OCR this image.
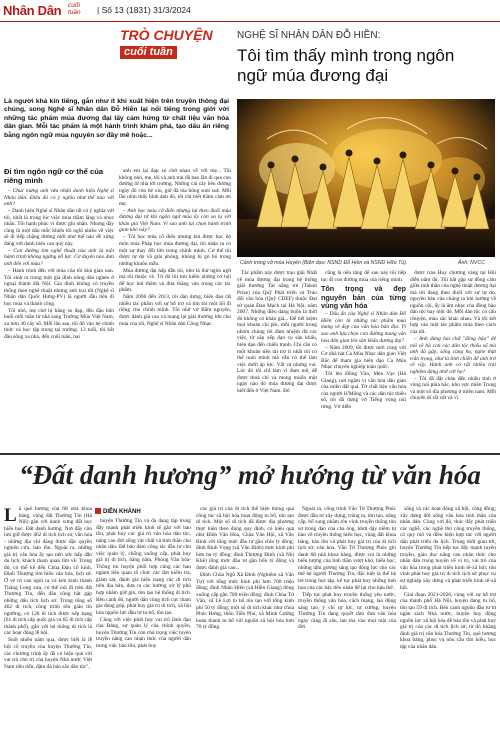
Nhân Dân cuối
tuần | Số 13 (1831) 31/3/2024
TRÒ CHUYỆN
cuối tuần
NGHỆ SĨ NHÂN DÂN ĐỖ HIỀN:
Tôi tìm thấy mình trong ngôn ngữ múa đương đại
Là người khá kín tiếng, gắn như ít khi xuất hiện trên truyền thông đại chúng, song Nghệ sĩ Nhân dân Đỗ Hiền lại nổi tiếng trong giới với những tác phẩm múa đương đại lấy cảm hứng từ chất liệu văn hóa dân gian. Mỗi tác phẩm là một hành trình khám phá, tạo dấu ấn riêng bằng ngôn ngữ múa nguyên sơ đầy mê hoặc...
Đi tìm ngôn ngữ cơ thể của riêng mình

– Chúc mừng anh vừa nhận danh hiệu Nghệ sĩ Nhân dân. Điều đó có ý nghĩa như thế nào với anh?

– Danh hiệu Nghệ sĩ Nhân dân rất có ý nghĩa với tôi, nhất là trong lúc việc múa thầm lặng và nhọc nhằn. Tôi hạnh phúc vì được ghi nhận. Nhưng đây cũng là một dấu mốc khiến tôi nghĩ nhiều về việc sẽ đi tiếp chặng đường mới như thế nào để xứng đáng với danh hiệu cao quý này.

– Con đường tìm nghệ thuật của anh là một hành trình không ngừng nỗ lực. Cơ duyên nào đưa anh đến với múa?

– Hành trình đến với múa của tôi khá gian nan. Tôi sinh ra trong một gia đình nông dân nghèo ở ngoại thành Hà Nội. Gia đình không có truyền thống theo nghệ thuật nhưng anh trai tôi (Nghệ sĩ Nhân dân Quốc Hưng-PV) là người đầu tiên đi học múa và thành công.

Tôi nhỏ, mẹ chờ bị bắng xe đạp, đều đặn bốn buổi mỗi tuần từ nhà sang Trường Múa Việt Nam, xa hơn 30 cây số. Mỗi lần sau, tôi đổ vào hè chính thức và học tập trung tại trường. 12 tuổi, tôi bắt đầu sống xa nhà, đến cuối tuần, hai

anh em lại đạp xe chở nhau về với mẹ... Tôi không nhỏ, mẹ, tôi và anh trai đã bao lần đi qua con đường từ nhà tới trường. Những cái cây bên đường ngày đó còn bé xíu, giờ đã tỏa bóng sum suê. Mỗi lần nhìn thấy hình ảnh đó, tôi chỉ biết thầm cảm ơn mẹ.

– Anh học múa cổ điển nhưng lại theo đuổi múa đương đại từ khi ngôn ngữ múa ấy còn xa lạ với khán giả Việt Nam. Vì sao anh lại chọn hành trình gian khó này?

– Tôi học múa cổ điển nhưng khi được học bộ môn múa Pháp học múa đương đại, tôi nhận ra có một sự thay đổi lớn trong chính mình. Cơ thể tôi được tự do và giải phóng, không bị gò bó trong những khuôn mẫu.

Múa đương đại hấp dẫn tôi, như là thứ ngôn ngữ mà tôi thuộc về. Từ đó tôi tìm kiếm những cơ hội để học hỏi thêm và đưa thẳng vào trong các tác phẩm.

Năm 2006 đến 2013, tôi dàn dựng, biên đạo rất nhiều tác phẩm với sự hỗ trợ và tìm tòi một lối đi riêng cho chính mình. Tôi nhớ vở Bẩm nguyên, được đánh giá cao và mang lại giải thưởng lớn cho múa của tôi, Nghệ sĩ Nhân dân Công Nhạc.

Cảnh trong vở múa Huyền (Biên đạo: NSND Đỗ Hiền và NSND Hữu Tú).	Ảnh: NVCC

Tác phẩm này được trao giải Nhất về múa đương đại trong hệ thống giải thưởng Tài năng trẻ (Talent Prize) của Quỹ Phát triển và Trao đổi văn hóa (Quỹ CDEF) thuộc Đại sứ quán Đan Mạch tại Hà Nội, năm 2007. Những điều đáng buồn là thời đó không có khán giả... Để tiết kiệm mọi khoản chi phí, mỗi người trong nhóm chúng tôi đảm nhiệm đủ các việc, từ sắp xếp đạo cụ sân khấu, biên đạo đến chiếu tranh. Chi cần có một khoản tiền tài trợ ít nhất tôi có thể nuôi mình mà vẫn có thể làm việc dưới áp lực. Vất vả nhưng vui. Lúc đó tôi chỉ làm vì đam mê, để được thoả chí và mong muốn một ngày nào đó múa đương đại được biết đến ở Việt Nam. Đó

cũng là nền tảng để sau này tôi tiếp tục đi con đường múa của riêng mình.

Tôn trọng và đẹp nguyên bản của từng vùng văn hóa

– Dấu ấn của Nghệ sĩ Nhân dân Đỗ Hiền còn là những tác phẩm múa mang vẻ đẹp của văn hóa bản địa. Vì sao anh lựa chọn con đường mang văn hóa dân gian lên sân khấu đương đại?

– Năm 2009, tôi được mời cùng với Cơ nhà hát Ca Múa Nhạc dân gian Việt Bắc để tham gia biên đạo Ca Múa Nhạc chuyên nghiệp toàn quốc.

Tôi lên Đồng Văn, Mèo Vạc (Hà Giang), nơi ngắm vị văn hóa dân gian của miền đất quá. Từ chất liệu văn hóa của người H'Mông và các dân tộc thiểu số, tôi đã dựng vở Tiếng vọng núi rừng. Vở diễn

được trao Huy chương vàng tại Hội diễn năm đó. Tôi bắt gặp sự đồng cảm giữa tinh thần của nghệ thuật đương đại mà tôi đang theo đuổi với sự tự do, nguyên bản của chúng ta khi hướng về nguồn cội, ấy là âm nhạc của đồng bào dân tộc hay một đó. Mỗi dân tộc có cấu chuyện, màu sắc khác nhau. Và tôi kết hợp vào một tác phẩm múa theo cách của tôi.

– Anh đúng hai chữ "đồng bào" để nói về bà con các dân tộc thiểu số mà anh đã gặp, sống cùng họ, nghe thật trân trọng, như là tình chiến để anh trở về vậy. Hành anh có rất nhiều trải nghiệm đáng nhớ với họ?

– Tôi đã đặt chân đến nhiều tỉnh ở vùng núi phía bắc, khu vực miền Trung và một số địa phương ở miền nam. Mỗi chuyến đi rất vất vả vì

“Đất danh hương” mở hướng từ văn hóa
DIỄN KHÁNH

Là quê hương của 68 nhà khoa bảng, vùng đất Thường Tín (Hà Nội) gắn với danh xưng đất học hiếu học. Đất danh hương. Nơi đây còn lưu giữ được 462 di tích lịch sử, văn hóa - những địa chỉ đáng được đặc quyền nghiên cứu, bảo tồn. Ngoài ra, những giá trị văn hóa ấy tạo nên sức hấp dẫn du lịch, khách tham quan tìm về. Trong đó, có thể kể đến Chùa Đậu cổ kính, Đình Thượng tìm hiểu văn hóa, lịch sử. Ở vẻ trị cao ngôi ra và kén kinh thành Thăng Long xưa, có thể nói đi trên đất Thường Tín, đến đâu cũng bắt gặp những dấu tích lịch sử. Trong tổng số 462 di tích, công trình tôn giáo tín ngưỡng, có 126 di tích được xếp hạng (61 di tích cấp quốc gia và 65 di tích cấp thành phố), gắn với hệ thống di tích là các hoạt động lễ hội.

Suốt nhiều năm qua, được biết là lễ hội cổ truyền của huyện Thường Tín, các chương trình ấy đã có hiệu quả với vai trò chủ trì của huyện Nhà nước Việt Nam tiên tiến, đậm đà bản sắc dân tộc",

huyện Thường Tín và đa dạng tập trung đẩy mạnh phát triển kinh tế gắn với bảo tồn, phát huy các giá trị văn hóa dân tộc, nâng cao đời sống vật chất và tinh thần cho nhân dân. Để bảo đảm công tác đầu tư cho việc quản lý, chống xuống cấp, phát huy giá trị di tích, hằng năm, Phòng Văn hóa-Thông tin huyện phối hợp cùng các ban ngành liên quan tổ chức các đợt kiểm tra, giám sát, đánh giá hiện trạng các di tích trên địa bàn, đưa ra các hướng xử lý phù hợp nhằm giữ gìn, tôn tạo hệ thống di tích. Bên cạnh đó, người dân cũng tích cực tham gia đóng góp, phát huy giá trị di tích, xã hội hóa nguồn lực đầu tư tu bổ, tôn tạo.

Cùng với việc phát huy vai trò lãnh đạo của Đảng, sự quản lý của chính quyền, huyện Thường Tín còn chú trọng việc tuyên truyền nâng cao nhận thức của người dân trong việc bảo tồn, phát huy

các giá trị của di tích thế hiện thông qua công tác xã hội hóa hoạt động tu bổ, tôn tạo di tích. Một số di tích đã được địa phương thực hiện theo đúng quy định, có hiệu quả như Đình Vân Hòa, Chùa Vân Hội, xã Vân Bình với tổng mức đầu tư gần chín tỷ đồng; đình Bình Vọng (xã Văn Bình) mức kinh phí hơn ba tỷ đồng; đình Thượng Đình (xã Nhị Khê) tổng mức đầu tư gần bốn tỷ đồng và được đánh giá cao...

Đình Chùa Ngũ Xã Đình (Nghiêm xã Văn Tự) với tổng mức kinh phí hơn 700 triệu đồng; đình Nhân Hiền (xã Hiền Giang) đóng xuống cấp gần 700 triệu đồng; đình Chùa Tứ Văn, xã Lê Lợi tu bổ tôn tạo với tổng kinh phí 50 tỷ đồng; một số di tích khác như chùa Phúc Hưng, thôn Tiền Phú, xã Minh Cường hoàn thành tu bổ với nguồn xã hội hóa hơn 70 tỷ đồng.

Ngoài ra, công trình Văn Từ Thượng Phúc được đầu tư xây dựng, trùng tu, tôn tạo, nâng cấp, bổ sung nhằm tôn vinh truyền thống tôn sư trọng đạo của cha ông, khơi dậy niềm tự hào về truyền thống hiếu học, vùng đất khoa bảng, bảo tồn và phát huy giá trị của di tích lịch sử, văn hóa, Văn Từ Thượng Phúc ghi danh 68 nhà khoa bảng, được coi là những biểu tượng của tinh thần vượt khó, hiếu học, những tấm gương sáng tạo động lực cho các thế hệ người Thường Tín, đặc biệt là thế hệ trẻ trong học tập, kế tục phát huy những tinh hoa của các bậc tiền nhân để lại cho hậu thế.

Tiếp tục phát huy truyền thống yêu nước, truyền thống văn hóa, cách mạng, lao động sáng tạo, ý chí tự lực, tự cường, huyện Thường Tín đang quyết tâm đưa văn hóa ngày càng đi sâu, lan tỏa vào mọi mặt của đời

sống và các hoạt động xã hội, công đồng; xây dựng đời sống văn hóa tinh thần của nhân dân. Cùng với đó, thúc đẩy phát triển các nghề, các nghề thủ công truyền thống, có quy mô và điều kiện hợp tác với người dân phát triển du lịch. Trong thời gian tới, huyện Thường Tín tiếp tục đẩy mạnh tuyên truyền, giáo dục nâng cao nhận thức cho nhân dân trong huyện về vị trí, vai trò của văn hóa trong phát triển kinh tế-xã hội; tôn vinh phát huy giá trị di tích lịch sử phục vụ sự nghiệp xây dựng và phát triển kinh tế-xã hội.

Giai đoạn 2021-2026, cùng với sự hỗ trợ của thành phố Hà Nội, huyện đang tu bổ, tôn tạo 59 di tích. Bên cạnh nguồn đầu tư từ ngân sách Nhà nước, huyện huy động nguồn lực xã hội hóa để bảo tồn và phát huy giá trị của các di tích lịch sử, từ đó khẳng định giá trị văn hóa Thường Tín, quê hương khoa bảng, phục vụ nhu cầu tìm hiểu, học tập của nhân dân.
